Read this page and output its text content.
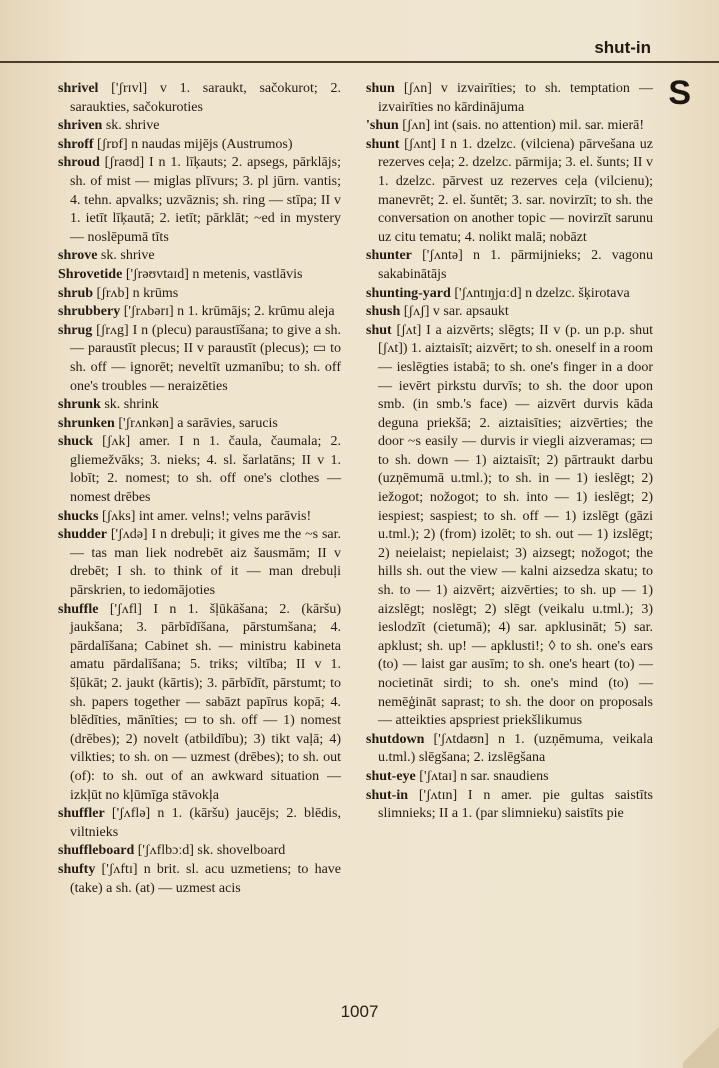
shut-in
S

shrivel ['ʃrɪvl] v 1. saraukt, sačokurot; 2. saraukties, sačokuroties

shriven sk. shrive

shroff [ʃrɒf] n naudas mijējs (Austrumos)

shroud [ʃraʊd] I n 1. līķauts; 2. apsegs, pārklājs; sh. of mist — miglas plīvurs; 3. pl jūrn. vantis; 4. tehn. apvalks; uzvāznis; sh. ring — stīpa; II v 1. ietīt līķautā; 2. ietīt; pārklāt; ~ed in mystery — noslēpumā tīts

shrove sk. shrive

Shrovetide ['ʃrəʊvtaɪd] n metenis, vastlāvis

shrub [ʃrʌb] n krūms

shrubbery ['ʃrʌbərɪ] n 1. krūmājs; 2. krūmu aleja

shrug [ʃrʌg] I n (plecu) paraustīšana; to give a sh. — paraustīt plecus; II v paraustīt (plecus); ▭ to sh. off — ignorēt; neveltīt uzmanību; to sh. off one's troubles — neraizēties

shrunk sk. shrink

shrunken ['ʃrʌnkən] a sarāvies, sarucis

shuck [ʃʌk] amer. I n 1. čaula, čaumala; 2. gliemežvāks; 3. nieks; 4. sl. šarlatāns; II v 1. lobīt; 2. nomest; to sh. off one's clothes — nomest drēbes

shucks [ʃʌks] int amer. velns!; velns parāvis!

shudder ['ʃʌdə] I n drebuļi; it gives me the ~s sar. — tas man liek nodrebēt aiz šausmām; II v drebēt; I sh. to think of it — man drebuļi pārskrien, to iedomājoties

shuffle ['ʃʌfl] I n 1. šļūkāšana; 2. (kāršu) jaukšana; 3. pārbīdīšana, pārstumšana; 4. pārdalīšana; Cabinet sh. — ministru kabineta amatu pārdalīšana; 5. triks; viltība; II v 1. šļūkāt; 2. jaukt (kārtis); 3. pārbīdīt, pārstumt; to sh. papers together — sabāzt papīrus kopā; 4. blēdīties, mānīties; ▭ to sh. off — 1) nomest (drēbes); 2) novelt (atbildību); 3) tikt vaļā; 4) vilkties; to sh. on — uzmest (drēbes); to sh. out (of): to sh. out of an awkward situation — izkļūt no kļūmīga stāvokļa

shuffler ['ʃʌflə] n 1. (kāršu) jaucējs; 2. blēdis, viltnieks

shuffleboard ['ʃʌflbɔːd] sk. shovelboard

shufty ['ʃʌftɪ] n brit. sl. acu uzmetiens; to have (take) a sh. (at) — uzmest acis

shun [ʃʌn] v izvairīties; to sh. temptation — izvairīties no kārdinājuma

'shun [ʃʌn] int (sais. no attention) mil. sar. mierā!

shunt [ʃʌnt] I n 1. dzelzc. (vilciena) pārvešana uz rezerves ceļa; 2. dzelzc. pārmija; 3. el. šunts; II v 1. dzelzc. pārvest uz rezerves ceļa (vilcienu); manevrēt; 2. el. šuntēt; 3. sar. novirzīt; to sh. the conversation on another topic — novirzīt sarunu uz citu tematu; 4. nolikt malā; nobāzt

shunter ['ʃʌntə] n 1. pārmijnieks; 2. vagonu sakabinātājs

shunting-yard ['ʃʌntɪŋjɑːd] n dzelzc. šķirotava

shush [ʃʌʃ] v sar. apsaukt

shut [ʃʌt] I a aizvērts; slēgts; II v (p. un p.p. shut [ʃʌt]) 1. aiztaisīt; aizvērt; to sh. oneself in a room — ieslēgties istabā; to sh. one's finger in a door — ievērt pirkstu durvīs; to sh. the door upon smb. (in smb.'s face) — aizvērt durvis kāda deguna priekšā; 2. aiztaisīties; aizvērties; the door ~s easily — durvis ir viegli aizveramas; ▭ to sh. down — 1) aiztaisīt; 2) pārtraukt darbu (uzņēmumā u.tml.); to sh. in — 1) ieslēgt; 2) iežogot; nožogot; to sh. into — 1) ieslēgt; 2) iespiest; saspiest; to sh. off — 1) izslēgt (gāzi u.tml.); 2) (from) izolēt; to sh. out — 1) izslēgt; 2) neielaist; nepielaist; 3) aizsegt; nožogot; the hills sh. out the view — kalni aizsedza skatu; to sh. to — 1) aizvērt; aizvērties; to sh. up — 1) aizslēgt; noslēgt; 2) slēgt (veikalu u.tml.); 3) ieslodzīt (cietumā); 4) sar. apklusināt; 5) sar. apklust; sh. up! — apklusti!; ◊ to sh. one's ears (to) — laist gar ausīm; to sh. one's heart (to) — nocietināt sirdi; to sh. one's mind (to) — nemēģināt saprast; to sh. the door on proposals — atteikties apspriest priekšlikumus

shutdown ['ʃʌtdaʊn] n 1. (uzņēmuma, veikala u.tml.) slēgšana; 2. izslēgšana

shut-eye ['ʃʌtaɪ] n sar. snaudiens

shut-in ['ʃʌtɪn] I n amer. pie gultas saistīts slimnieks; II a 1. (par slimnieku) saistīts pie

1007
